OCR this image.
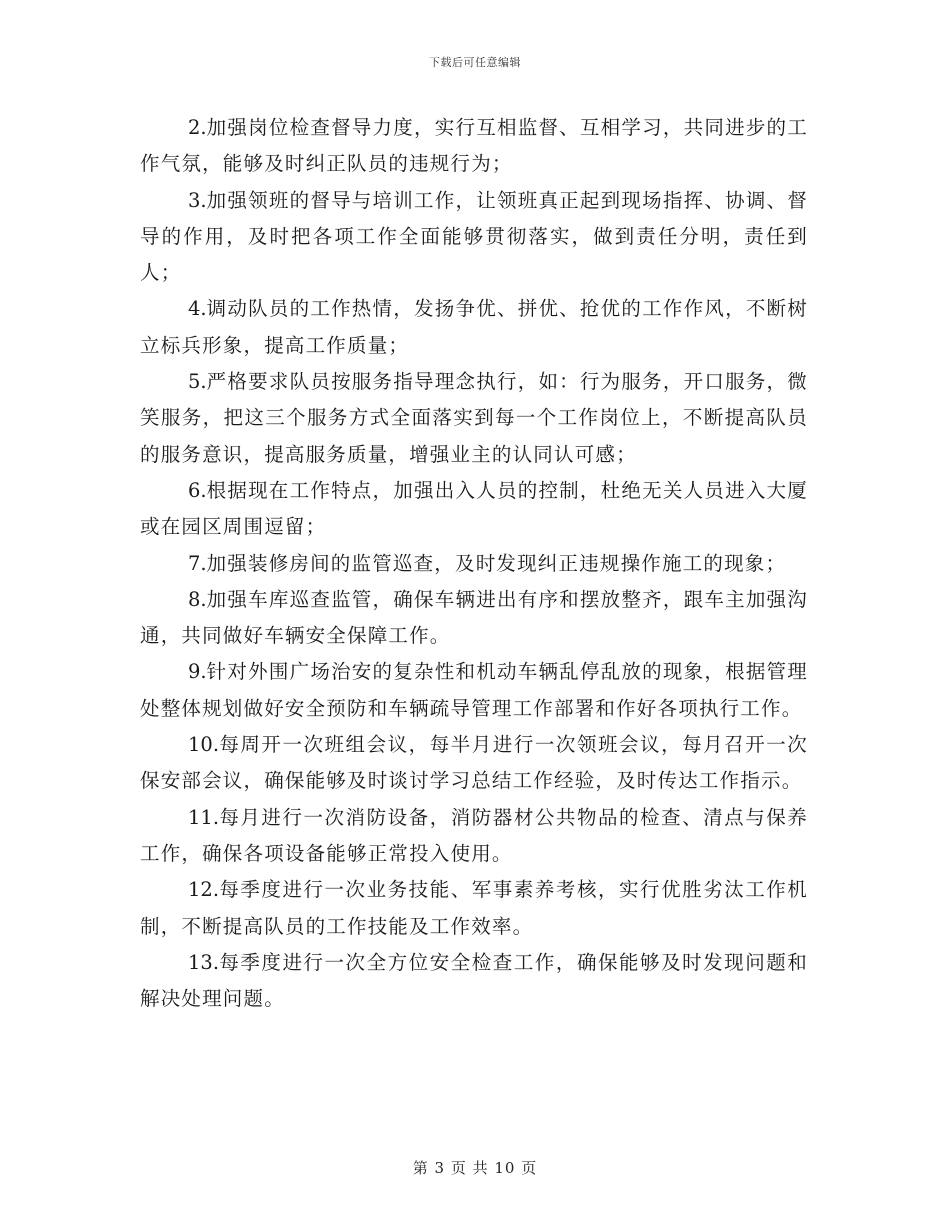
下载后可任意编辑

2.加强岗位检查督导力度，实行互相监督、互相学习，共同进步的工作气氛，能够及时纠正队员的违规行为；

3.加强领班的督导与培训工作，让领班真正起到现场指挥、协调、督导的作用，及时把各项工作全面能够贯彻落实，做到责任分明，责任到人；

4.调动队员的工作热情，发扬争优、拼优、抢优的工作作风，不断树立标兵形象，提高工作质量；

5.严格要求队员按服务指导理念执行，如：行为服务，开口服务，微笑服务，把这三个服务方式全面落实到每一个工作岗位上，不断提高队员的服务意识，提高服务质量，增强业主的认同认可感；

6.根据现在工作特点，加强出入人员的控制，杜绝无关人员进入大厦或在园区周围逗留；

7.加强装修房间的监管巡查，及时发现纠正违规操作施工的现象；

8.加强车库巡查监管，确保车辆进出有序和摆放整齐，跟车主加强沟通，共同做好车辆安全保障工作。

9.针对外围广场治安的复杂性和机动车辆乱停乱放的现象，根据管理处整体规划做好安全预防和车辆疏导管理工作部署和作好各项执行工作。

10.每周开一次班组会议，每半月进行一次领班会议，每月召开一次保安部会议，确保能够及时谈讨学习总结工作经验，及时传达工作指示。

11.每月进行一次消防设备，消防器材公共物品的检查、清点与保养工作，确保各项设备能够正常投入使用。

12.每季度进行一次业务技能、军事素养考核，实行优胜劣汰工作机制，不断提高队员的工作技能及工作效率。

13.每季度进行一次全方位安全检查工作，确保能够及时发现问题和解决处理问题。

第 3 页 共 10 页
